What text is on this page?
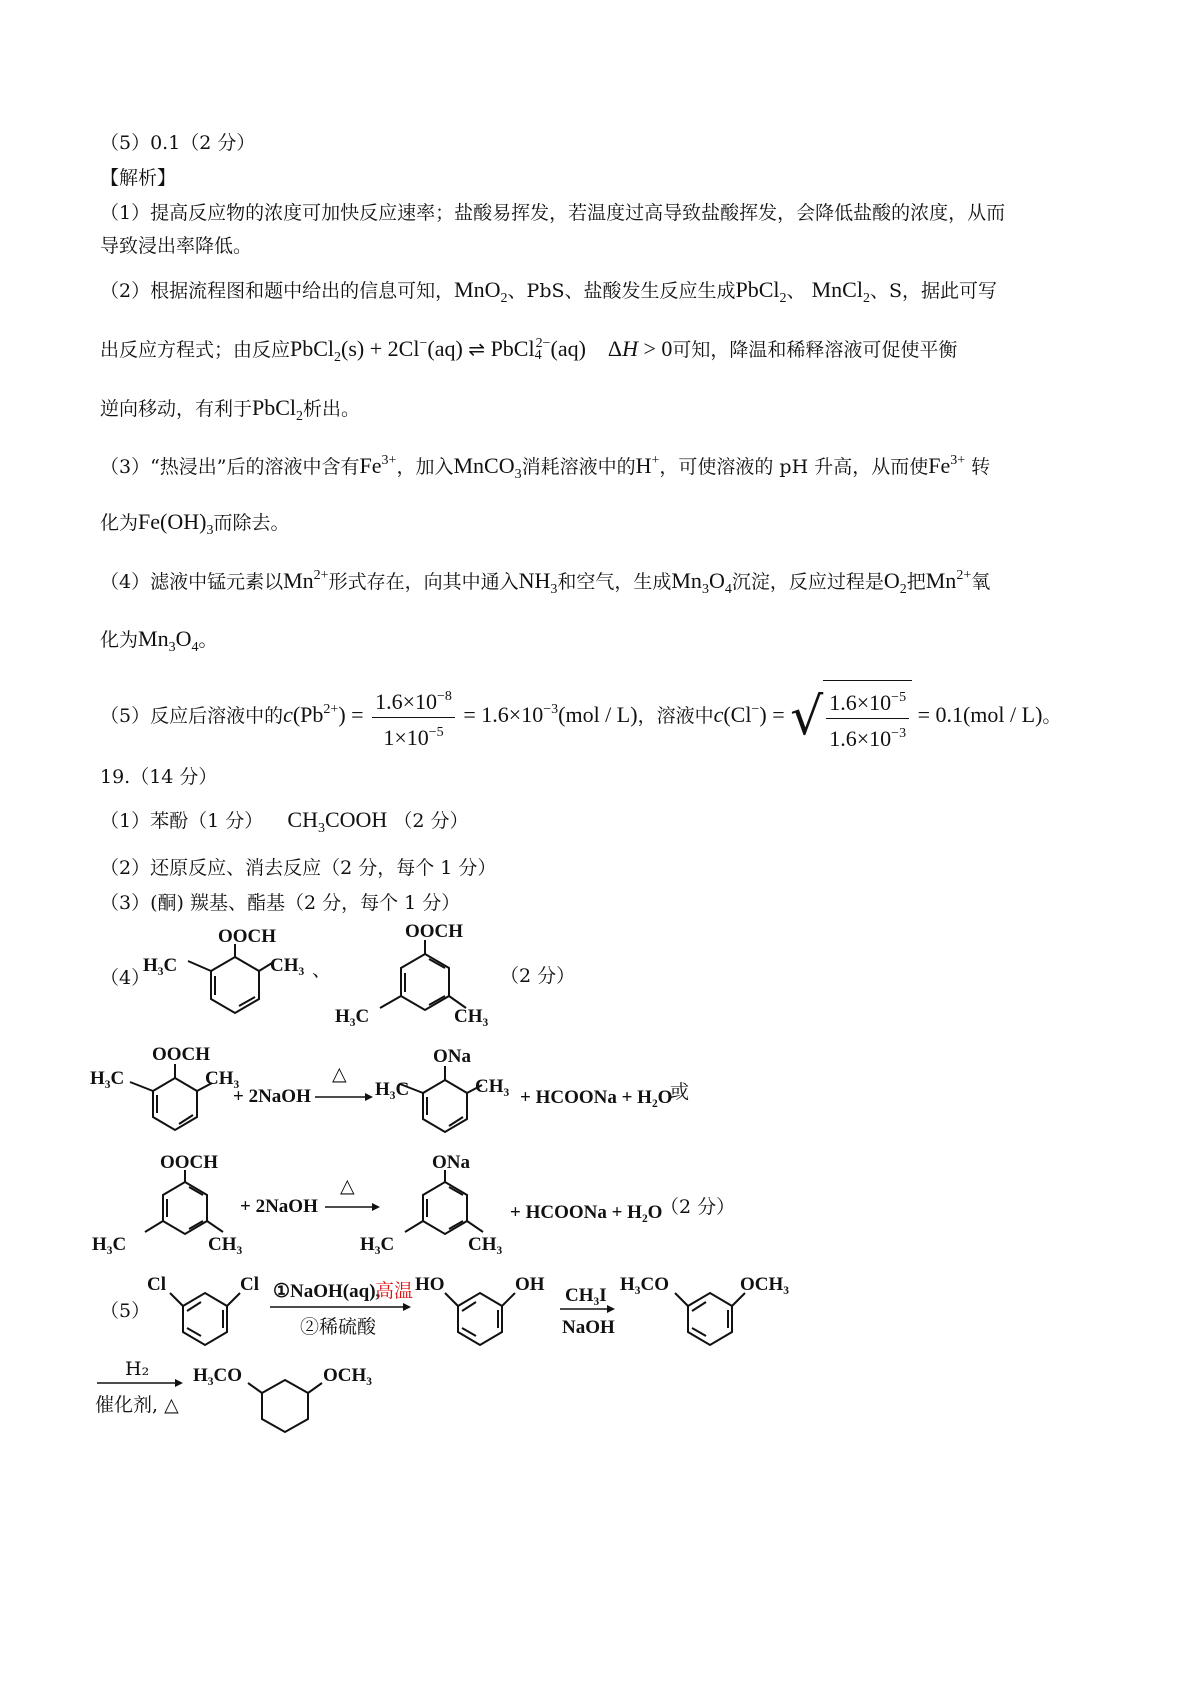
（5）0.1（2 分）
【解析】
（1）提高反应物的浓度可加快反应速率；盐酸易挥发，若温度过高导致盐酸挥发，会降低盐酸的浓度，从而
导致浸出率降低。
（2）根据流程图和题中给出的信息可知，MnO$_2$、PbS、盐酸发生反应生成PbCl$_2$、 MnCl$_2$、S，据此可写
出反应方程式；由反应PbCl$_2$(s) + 2Cl−(aq) ⇌ PbCl$_4^{2-}$(aq)    ΔH > 0可知，降温和稀释溶液可促使平衡
逆向移动，有利于PbCl$_2$析出。
（3）“热浸出”后的溶液中含有$Fe^{3+}$，加入MnCO$_3$消耗溶液中的H+，可使溶液的 pH 升高，从而使$Fe^{3+}$ 转
化为$Fe(OH)_3$而除去。
（4）滤液中锰元素以$Mn^{2+}$形式存在，向其中通入$NH_3$和空气，生成$Mn_3O_4$沉淀，反应过程是$O_2$把$Mn^{2+}$氧
化为$Mn_3O_4$。
（5）反应后溶液中的$c(Pb^{2+}) = \frac{1.6\times 10^{-8}}{1\times 10^{-5}} = 1.6\times 10^{-3}(mol / L)$，溶液中c(Cl−) = √ $\frac{1.6\times 10^{-5}}{1.6\times 10^{-3}} = 0.1(mol / L)$。
19.（14 分）
（1）苯酚（1 分） $CH_3COOH$ （2 分）
（2）还原反应、消去反应（2 分，每个 1 分）
（3）(酮) 羰基、酯基（2 分，每个 1 分）
（4）
OOCH
H₃C	CH₃ 、
OOCH
H₃C	CH₃
（2 分）
OOCH
H₃C	CH₃
+ 2NaOH
△
ONa
H₃C	CH₃
+ HCOONa + H₂O
或
OOCH
H₃C	CH₃
+ 2NaOH
△
ONa
H₃C	CH₃
+ HCOONa + H₂O
（2 分）
（5）
Cl	Cl ①NaOH(aq),
高温
②稀硫酸
HO	OH
CH₃I
NaOH
H₃CO	OCH₃
H₂
催化剂, △
H₃CO	OCH₃
